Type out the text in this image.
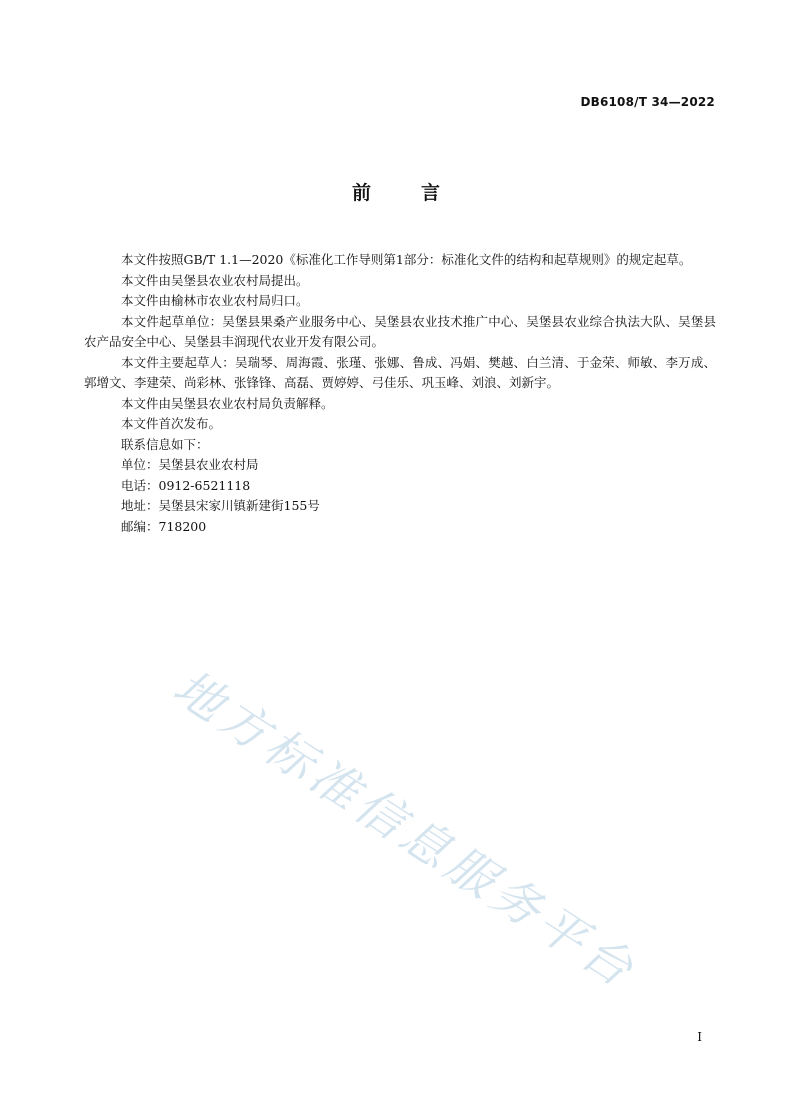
DB6108/T 34—2022
前	言

本文件按照GB/T 1.1—2020《标准化工作导则第1部分：标准化文件的结构和起草规则》的规定起草。

本文件由吴堡县农业农村局提出。

本文件由榆林市农业农村局归口。

本文件起草单位：吴堡县果桑产业服务中心、吴堡县农业技术推广中心、吴堡县农业综合执法大队、吴堡县农产品安全中心、吴堡县丰润现代农业开发有限公司。

本文件主要起草人：吴瑞琴、周海霞、张瑾、张娜、鲁成、冯娟、樊越、白兰清、于金荣、师敏、李万成、郭增文、李建荣、尚彩林、张锋锋、高磊、贾婷婷、弓佳乐、巩玉峰、刘浪、刘新宇。

本文件由吴堡县农业农村局负责解释。

本文件首次发布。

联系信息如下：

单位：吴堡县农业农村局

电话：0912-6521118

地址：吴堡县宋家川镇新建街155号

邮编：718200

地方标准信息服务平台
I
